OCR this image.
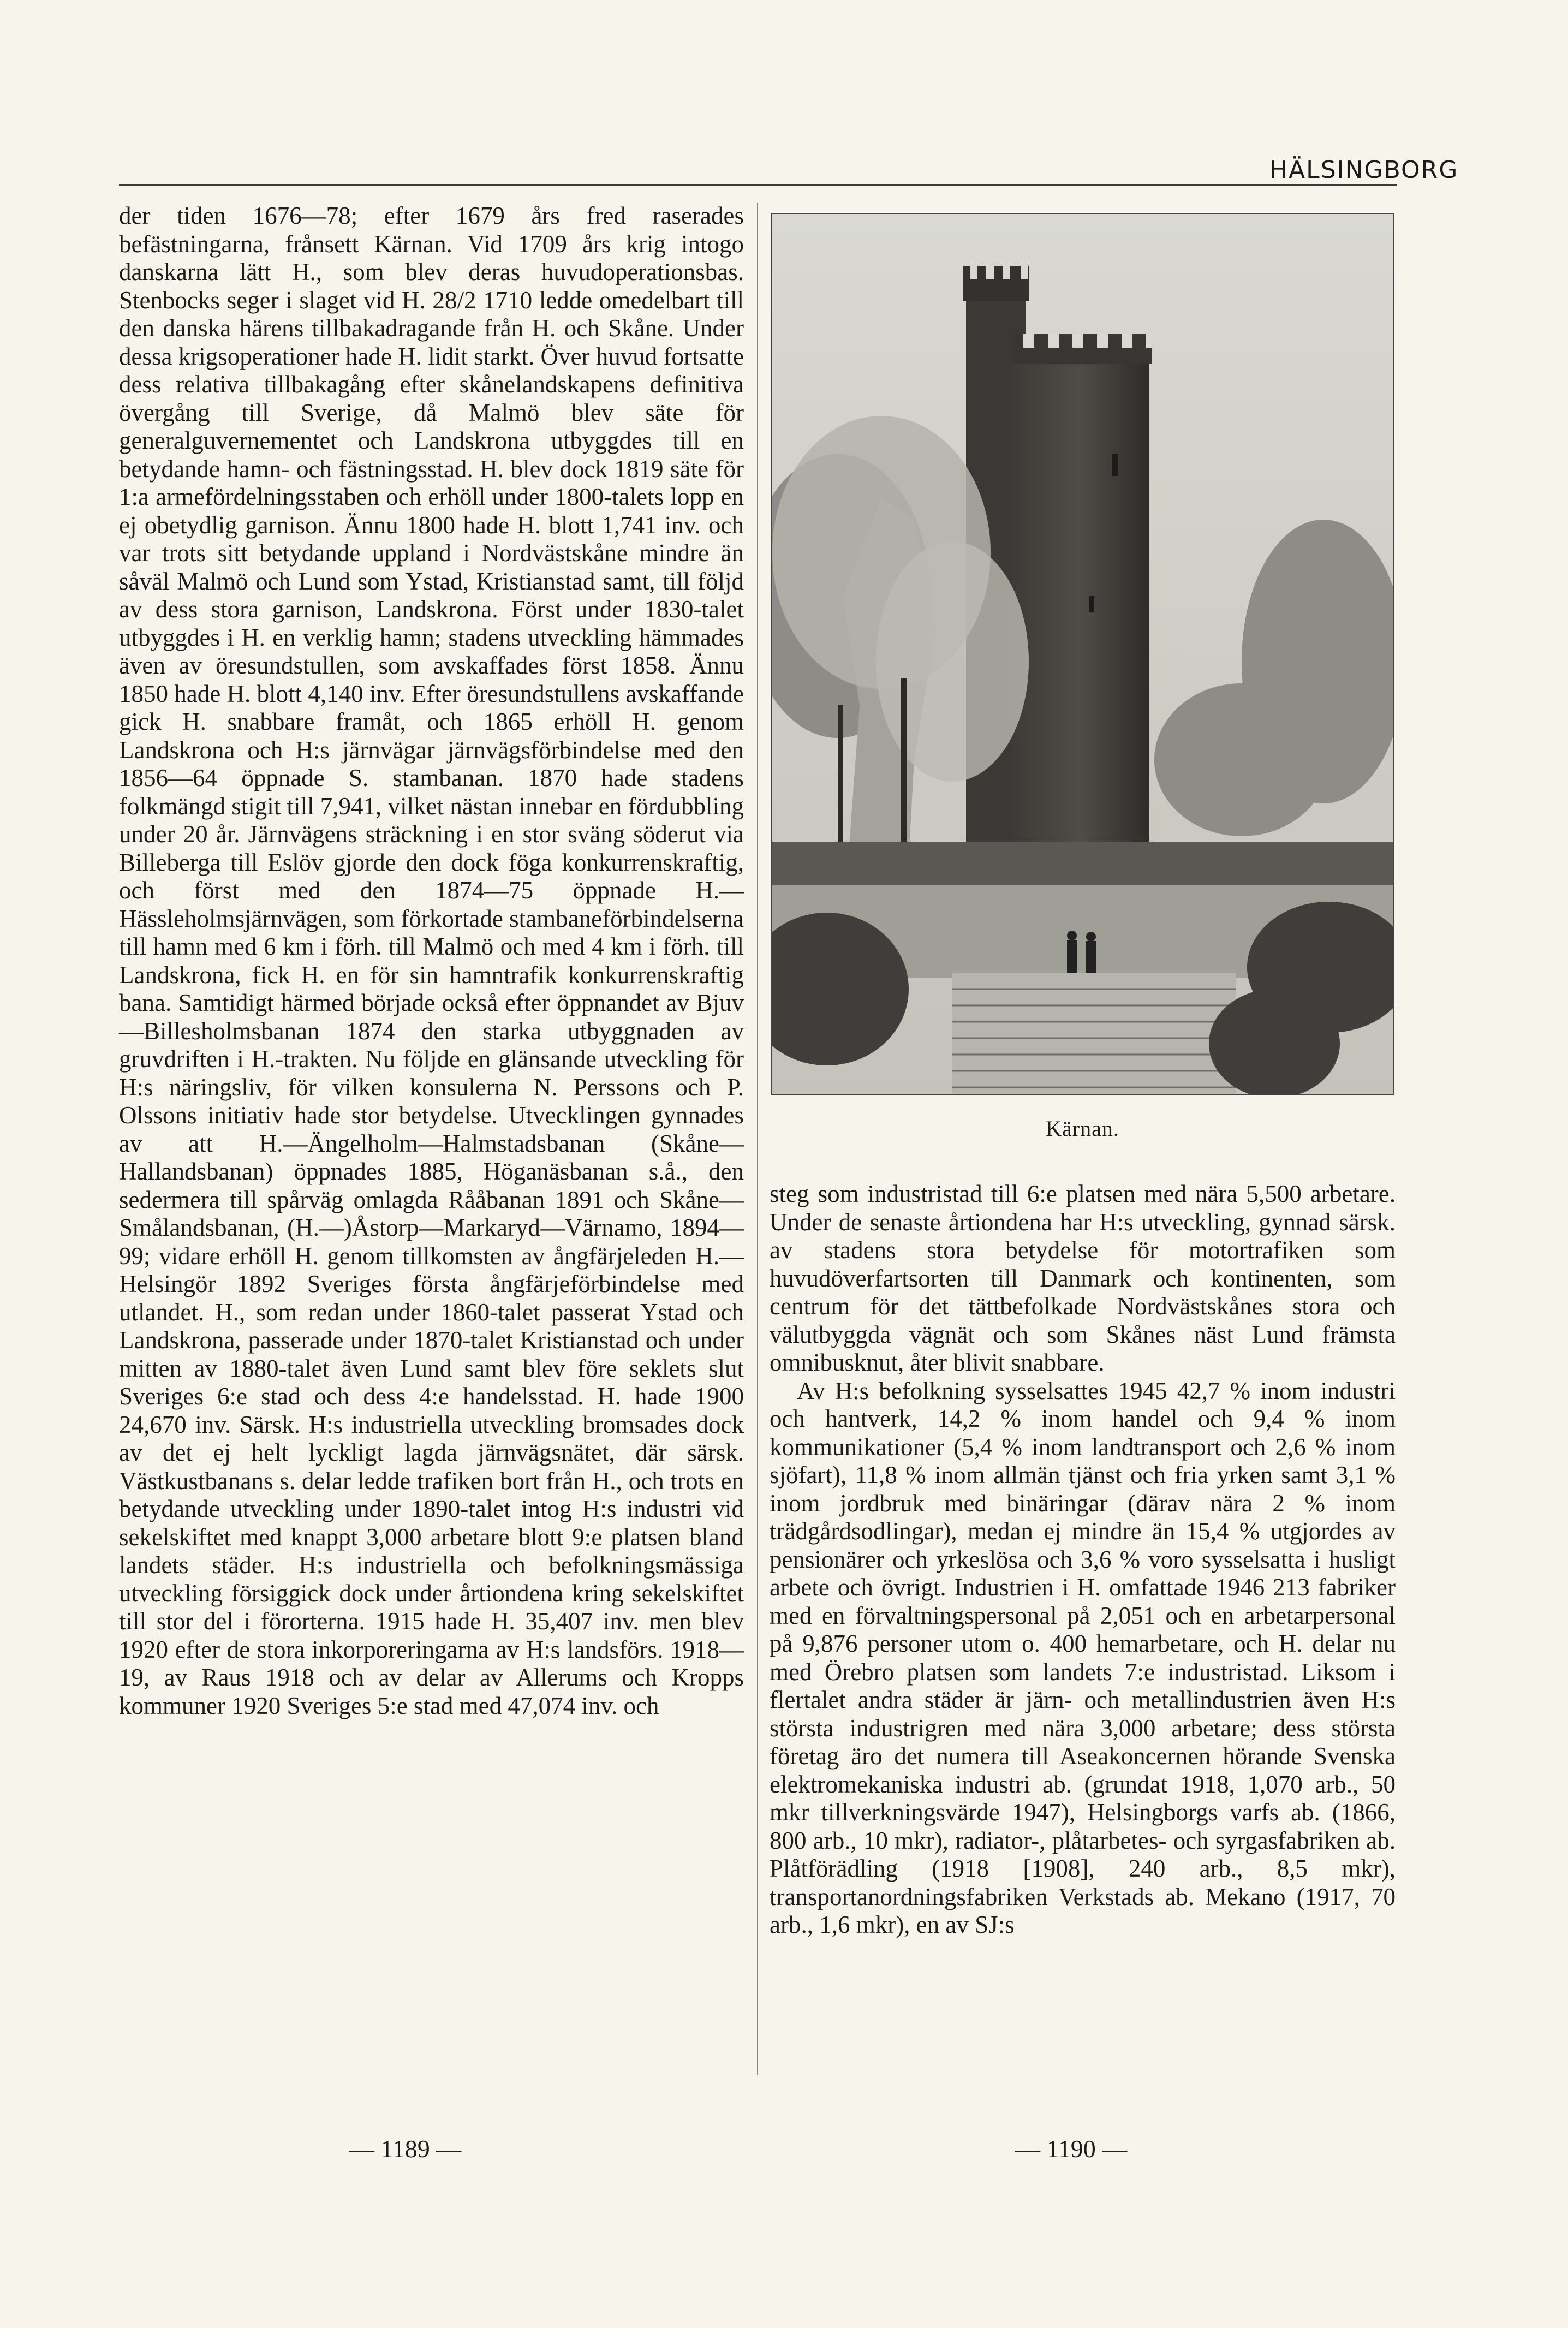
HÄLSINGBORG

der tiden 1676—78; efter 1679 års fred raserades befästningarna, frånsett Kärnan. Vid 1709 års krig intogo danskarna lätt H., som blev deras huvudoperationsbas. Stenbocks seger i slaget vid H. 28/2 1710 ledde omedelbart till den danska härens tillbakadragande från H. och Skåne. Under dessa krigsoperationer hade H. lidit starkt. Över huvud fortsatte dess relativa tillbakagång efter skånelandskapens definitiva övergång till Sverige, då Malmö blev säte för generalguvernementet och Landskrona utbyggdes till en betydande hamn- och fästningsstad. H. blev dock 1819 säte för 1:a armefördelningsstaben och erhöll under 1800-talets lopp en ej obetydlig garnison. Ännu 1800 hade H. blott 1,741 inv. och var trots sitt betydande uppland i Nordvästskåne mindre än såväl Malmö och Lund som Ystad, Kristianstad samt, till följd av dess stora garnison, Landskrona. Först under 1830-talet utbyggdes i H. en verklig hamn; stadens utveckling hämmades även av öresundstullen, som avskaffades först 1858. Ännu 1850 hade H. blott 4,140 inv. Efter öresundstullens avskaffande gick H. snabbare framåt, och 1865 erhöll H. genom Landskrona och H:s järnvägar järnvägsförbindelse med den 1856—64 öppnade S. stambanan. 1870 hade stadens folkmängd stigit till 7,941, vilket nästan innebar en fördubbling under 20 år. Järnvägens sträckning i en stor sväng söderut via Billeberga till Eslöv gjorde den dock föga konkurrenskraftig, och först med den 1874—75 öppnade H.—Hässleholmsjärnvägen, som förkortade stambaneförbindelserna till hamn med 6 km i förh. till Malmö och med 4 km i förh. till Landskrona, fick H. en för sin hamntrafik konkurrenskraftig bana. Samtidigt härmed började också efter öppnandet av Bjuv—Billesholmsbanan 1874 den starka utbyggnaden av gruvdriften i H.-trakten. Nu följde en glänsande utveckling för H:s näringsliv, för vilken konsulerna N. Perssons och P. Olssons initiativ hade stor betydelse. Utvecklingen gynnades av att H.—Ängelholm—Halmstadsbanan (Skåne—Hallandsbanan) öppnades 1885, Höganäsbanan s.å., den sedermera till spårväg omlagda Rååbanan 1891 och Skåne—Smålandsbanan, (H.—)Åstorp—Markaryd—Värnamo, 1894—99; vidare erhöll H. genom tillkomsten av ångfärjeleden H.—Helsingör 1892 Sveriges första ångfärjeförbindelse med utlandet. H., som redan under 1860-talet passerat Ystad och Landskrona, passerade under 1870-talet Kristianstad och under mitten av 1880-talet även Lund samt blev före seklets slut Sveriges 6:e stad och dess 4:e handelsstad. H. hade 1900 24,670 inv. Särsk. H:s industriella utveckling bromsades dock av det ej helt lyckligt lagda järnvägsnätet, där särsk. Västkustbanans s. delar ledde trafiken bort från H., och trots en betydande utveckling under 1890-talet intog H:s industri vid sekelskiftet med knappt 3,000 arbetare blott 9:e platsen bland landets städer. H:s industriella och befolkningsmässiga utveckling försiggick dock under årtiondena kring sekelskiftet till stor del i förorterna. 1915 hade H. 35,407 inv. men blev 1920 efter de stora inkorporeringarna av H:s landsförs. 1918—19, av Raus 1918 och av delar av Allerums och Kropps kommuner 1920 Sveriges 5:e stad med 47,074 inv. och

Kärnan.

steg som industristad till 6:e platsen med nära 5,500 arbetare. Under de senaste årtiondena har H:s utveckling, gynnad särsk. av stadens stora betydelse för motortrafiken som huvudöverfartsorten till Danmark och kontinenten, som centrum för det tättbefolkade Nordvästskånes stora och välutbyggda vägnät och som Skånes näst Lund främsta omnibusknut, åter blivit snabbare.

Av H:s befolkning sysselsattes 1945 42,7 % inom industri och hantverk, 14,2 % inom handel och 9,4 % inom kommunikationer (5,4 % inom landtransport och 2,6 % inom sjöfart), 11,8 % inom allmän tjänst och fria yrken samt 3,1 % inom jordbruk med binäringar (därav nära 2 % inom trädgårdsodlingar), medan ej mindre än 15,4 % utgjordes av pensionärer och yrkeslösa och 3,6 % voro sysselsatta i husligt arbete och övrigt. Industrien i H. omfattade 1946 213 fabriker med en förvaltningspersonal på 2,051 och en arbetarpersonal på 9,876 personer utom o. 400 hemarbetare, och H. delar nu med Örebro platsen som landets 7:e industristad. Liksom i flertalet andra städer är järn- och metallindustrien även H:s största industrigren med nära 3,000 arbetare; dess största företag äro det numera till Aseakoncernen hörande Svenska elektromekaniska industri ab. (grundat 1918, 1,070 arb., 50 mkr tillverkningsvärde 1947), Helsingborgs varfs ab. (1866, 800 arb., 10 mkr), radiator-, plåtarbetes- och syrgasfabriken ab. Plåtförädling (1918 [1908], 240 arb., 8,5 mkr), transportanordningsfabriken Verkstads ab. Mekano (1917, 70 arb., 1,6 mkr), en av SJ:s

— 1189 —	— 1190 —
